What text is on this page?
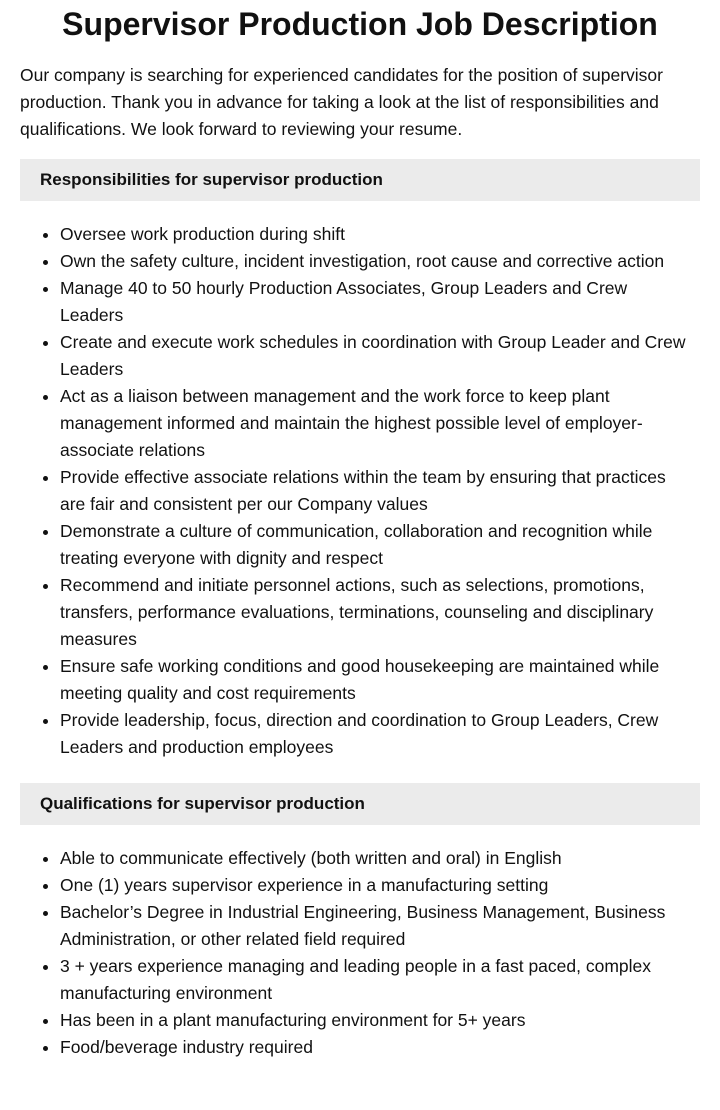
Supervisor Production Job Description

Our company is searching for experienced candidates for the position of supervisor production. Thank you in advance for taking a look at the list of responsibilities and qualifications. We look forward to reviewing your resume.

Responsibilities for supervisor production
• Oversee work production during shift
• Own the safety culture, incident investigation, root cause and corrective action
• Manage 40 to 50 hourly Production Associates, Group Leaders and Crew Leaders
• Create and execute work schedules in coordination with Group Leader and Crew Leaders
• Act as a liaison between management and the work force to keep plant management informed and maintain the highest possible level of employer-associate relations
• Provide effective associate relations within the team by ensuring that practices are fair and consistent per our Company values
• Demonstrate a culture of communication, collaboration and recognition while treating everyone with dignity and respect
• Recommend and initiate personnel actions, such as selections, promotions, transfers, performance evaluations, terminations, counseling and disciplinary measures
• Ensure safe working conditions and good housekeeping are maintained while meeting quality and cost requirements
• Provide leadership, focus, direction and coordination to Group Leaders, Crew Leaders and production employees
Qualifications for supervisor production
• Able to communicate effectively (both written and oral) in English
• One (1) years supervisor experience in a manufacturing setting
• Bachelor’s Degree in Industrial Engineering, Business Management, Business Administration, or other related field required
• 3 + years experience managing and leading people in a fast paced, complex manufacturing environment
• Has been in a plant manufacturing environment for 5+ years
• Food/beverage industry required
